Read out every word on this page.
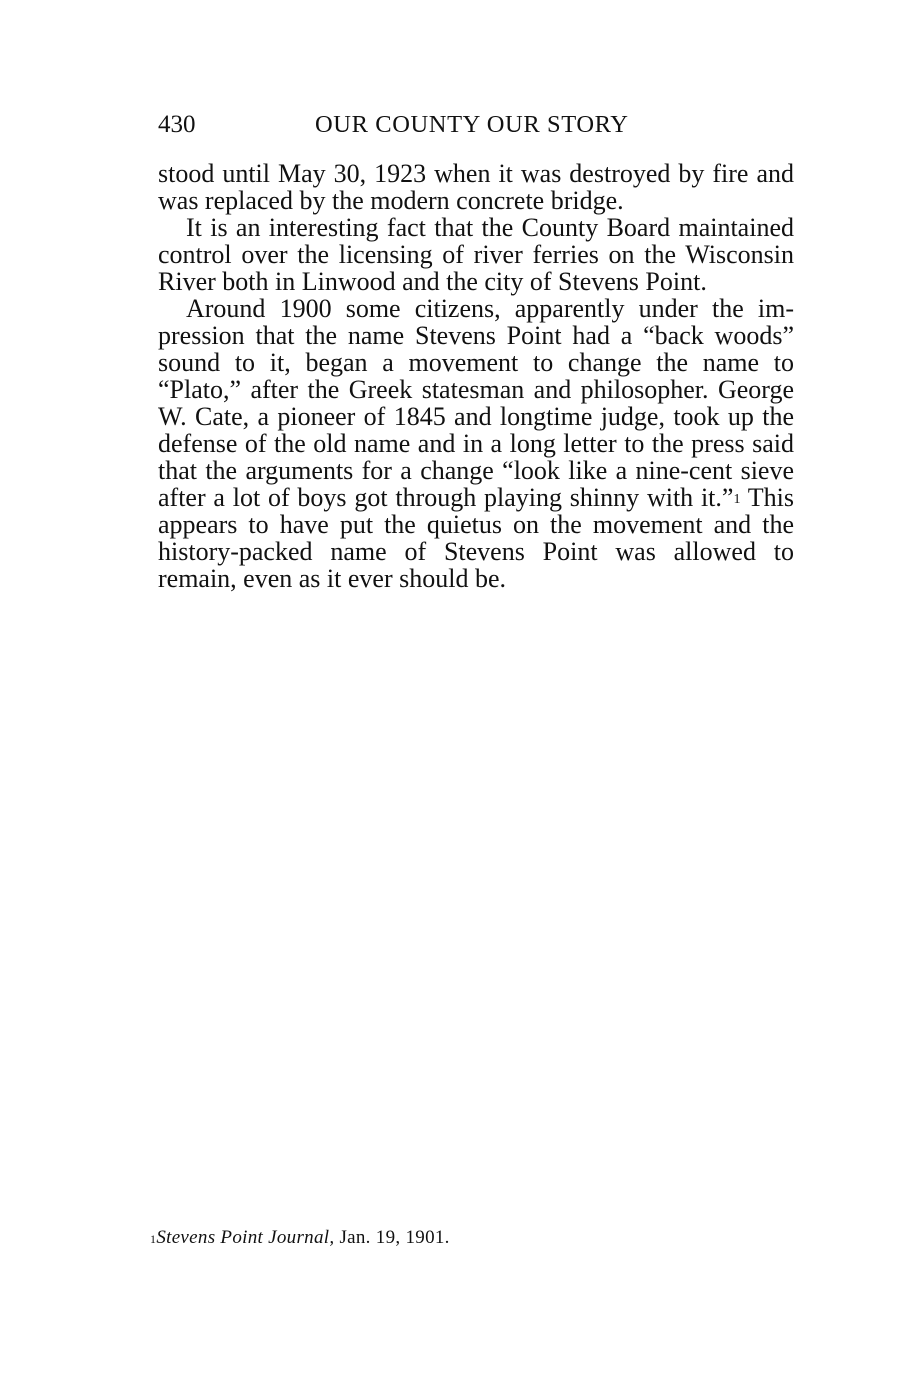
430	OUR COUNTY OUR STORY

stood until May 30, 1923 when it was destroyed by fire and was replaced by the modern concrete bridge.

It is an interesting fact that the County Board maintained control over the licensing of river ferries on the Wisconsin River both in Linwood and the city of Stevens Point.

Around 1900 some citizens, apparently under the impression that the name Stevens Point had a “back woods” sound to it, began a movement to change the name to “Plato,” after the Greek statesman and philosopher. George W. Cate, a pioneer of 1845 and longtime judge, took up the defense of the old name and in a long letter to the press said that the arguments for a change “look like a nine-cent sieve after a lot of boys got through playing shinny with it.”$^1$ This appears to have put the quietus on the movement and the history-packed name of Stevens Point was allowed to remain, even as it ever should be.

$^1$Stevens Point Journal, Jan. 19, 1901.
